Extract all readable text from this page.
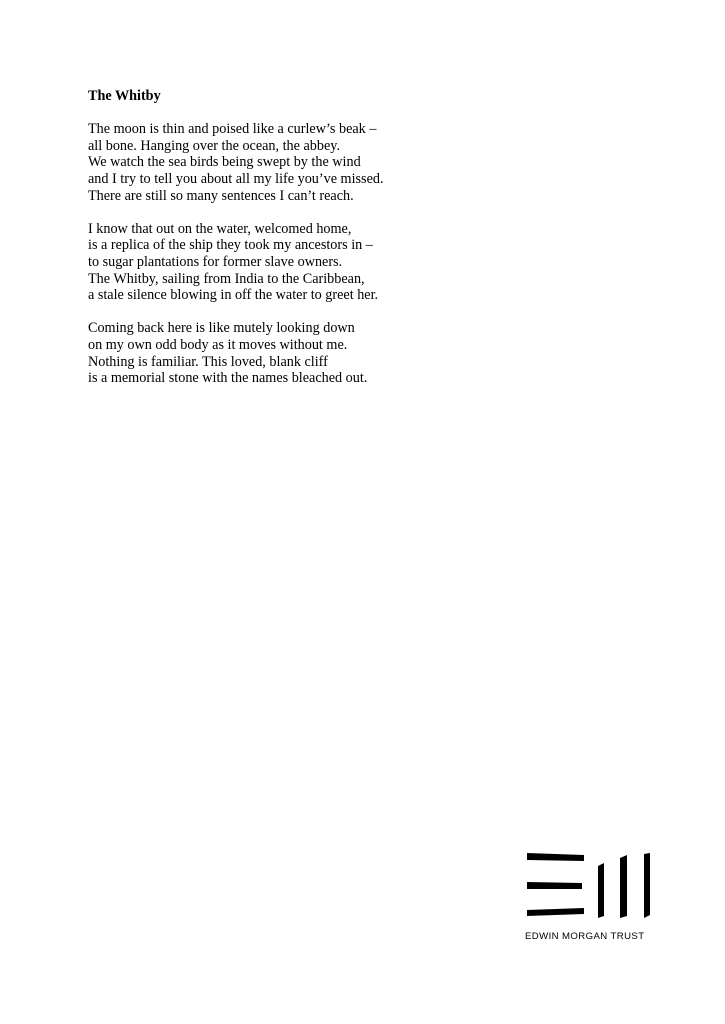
The Whitby
The moon is thin and poised like a curlew’s beak –
all bone. Hanging over the ocean, the abbey.
We watch the sea birds being swept by the wind
and I try to tell you about all my life you’ve missed.
There are still so many sentences I can’t reach.
I know that out on the water, welcomed home,
is a replica of the ship they took my ancestors in –
to sugar plantations for former slave owners.
The Whitby, sailing from India to the Caribbean,
a stale silence blowing in off the water to greet her.
Coming back here is like mutely looking down
on my own odd body as it moves without me.
Nothing is familiar. This loved, blank cliff
is a memorial stone with the names bleached out.
EDWIN MORGAN TRUST
